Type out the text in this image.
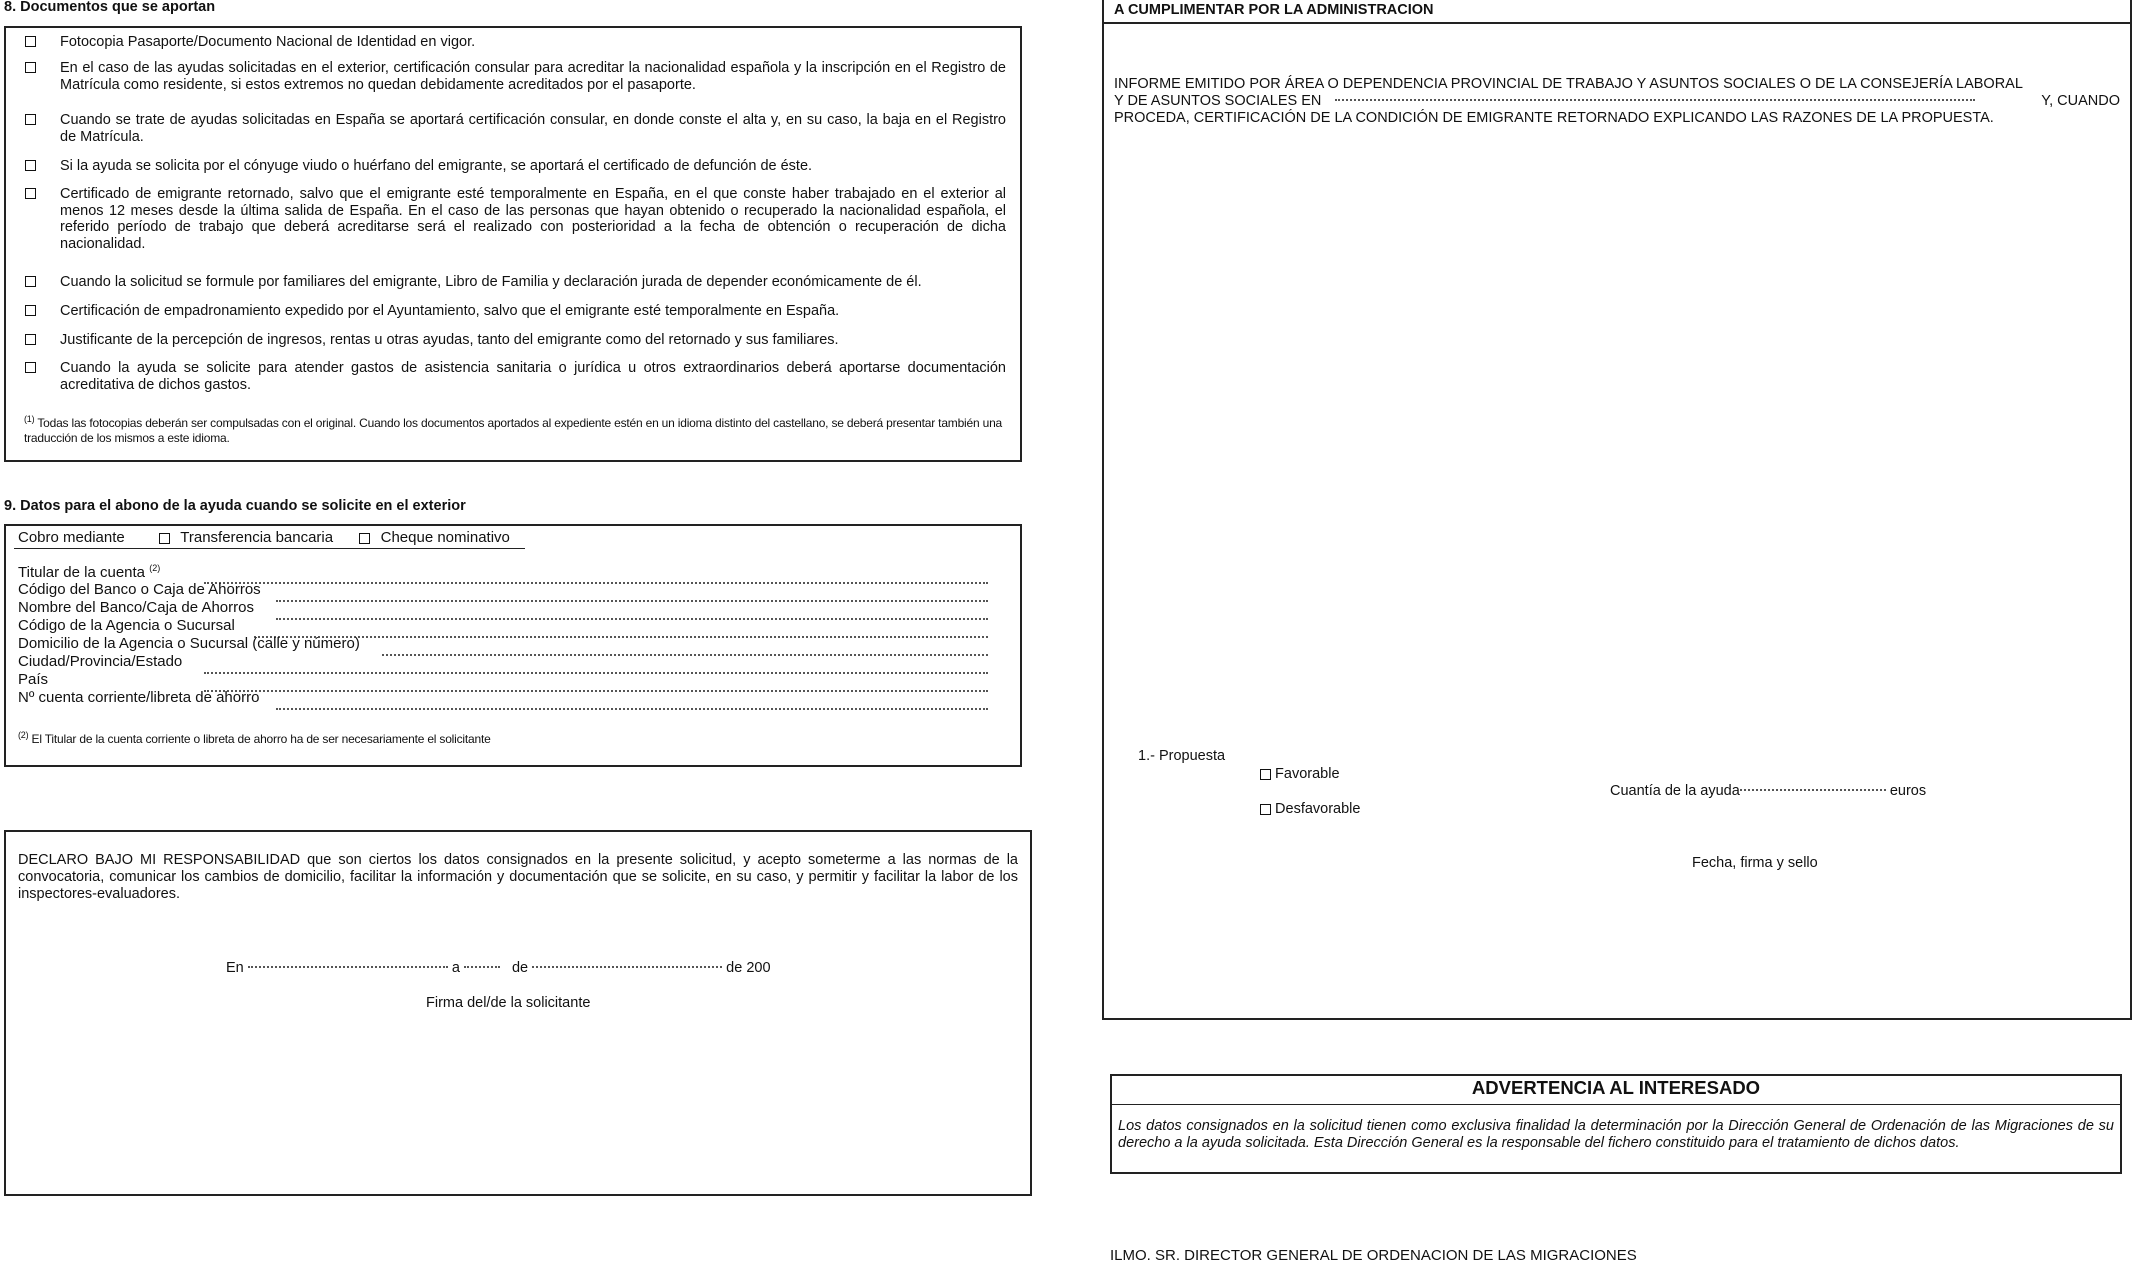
8. Documentos que se aportan
Fotocopia Pasaporte/Documento Nacional de Identidad en vigor.
En el caso de las ayudas solicitadas en el exterior, certificación consular para acreditar la nacionalidad española y la inscripción en el Registro de Matrícula como residente, si estos extremos no quedan debidamente acreditados por el pasaporte.
Cuando se trate de ayudas solicitadas en España se aportará certificación consular, en donde conste el alta y, en su caso, la baja en el Registro de Matrícula.
Si la ayuda se solicita por el cónyuge viudo o huérfano del emigrante, se aportará el certificado de defunción de éste.
Certificado de emigrante retornado, salvo que el emigrante esté temporalmente en España, en el que conste haber trabajado en el exterior al menos 12 meses desde la última salida de España. En el caso de las personas que hayan obtenido o recuperado la nacionalidad española, el referido período de trabajo que deberá acreditarse será el realizado con posterioridad a la fecha de obtención o recuperación de dicha nacionalidad.
Cuando la solicitud se formule por familiares del emigrante, Libro de Familia y declaración jurada de depender económicamente de él.
Certificación de empadronamiento expedido por el Ayuntamiento, salvo que el emigrante esté temporalmente en España.
Justificante de la percepción de ingresos, rentas u otras ayudas, tanto del emigrante como del retornado y sus familiares.
Cuando la ayuda se solicite para atender gastos de asistencia sanitaria o jurídica u otros extraordinarios deberá aportarse documentación acreditativa de dichos gastos.
$^{(1)}$ Todas las fotocopias deberán ser compulsadas con el original. Cuando los documentos aportados al expediente estén en un idioma distinto del castellano, se deberá presentar también una traducción de los mismos a este idioma.
9. Datos para el abono de la ayuda cuando se solicite en el exterior
Cobro mediante	Transferencia bancaria	Cheque nominativo
Titular de la cuenta $^{(2)}$
Código del Banco o Caja de Ahorros
Nombre del Banco/Caja de Ahorros
Código de la Agencia o Sucursal
Domicilio de la Agencia o Sucursal (calle y número)
Ciudad/Provincia/Estado
País
Nº cuenta corriente/libreta de ahorro
$^{(2)}$ El Titular de la cuenta corriente o libreta de ahorro ha de ser necesariamente el solicitante
DECLARO BAJO MI RESPONSABILIDAD que son ciertos los datos consignados en la presente solicitud, y acepto someterme a las normas de la convocatoria, comunicar los cambios de domicilio, facilitar la información y documentación que se solicite, en su caso, y permitir y facilitar la labor de los inspectores-evaluadores.
En	a	de	de 200
Firma del/de la solicitante
A CUMPLIMENTAR POR LA ADMINISTRACION
INFORME EMITIDO POR ÁREA O DEPENDENCIA PROVINCIAL DE TRABAJO Y ASUNTOS SOCIALES O DE LA CONSEJERÍA LABORAL
Y DE ASUNTOS SOCIALES EN	Y, CUANDO
PROCEDA, CERTIFICACIÓN DE LA CONDICIÓN DE EMIGRANTE RETORNADO EXPLICANDO LAS RAZONES DE LA PROPUESTA.
1.- Propuesta
Favorable
Desfavorable
Cuantía de la ayuda	euros
Fecha, firma y sello
ADVERTENCIA AL INTERESADO
Los datos consignados en la solicitud tienen como exclusiva finalidad la determinación por la Dirección General de Ordenación de las Migraciones de su derecho a la ayuda solicitada. Esta Dirección General es la responsable del fichero constituido para el tratamiento de dichos datos.
ILMO. SR. DIRECTOR GENERAL DE ORDENACION DE LAS MIGRACIONES
